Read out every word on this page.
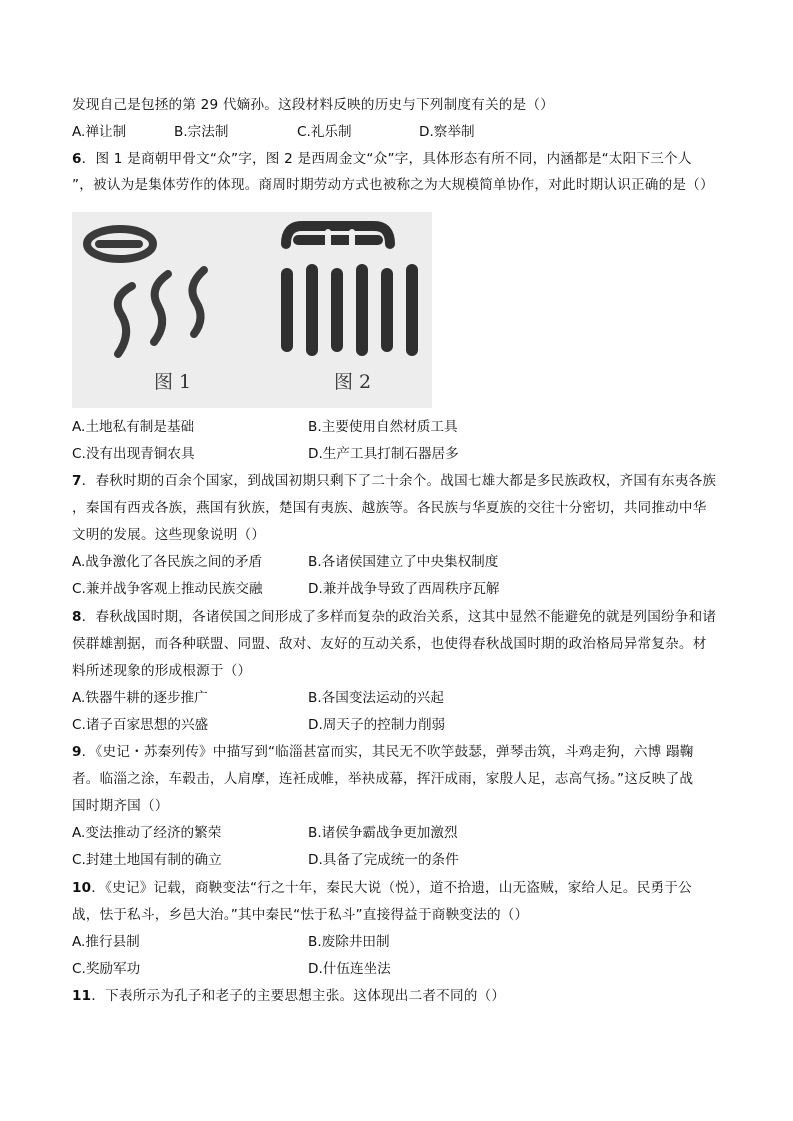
发现自己是包拯的第 29 代嫡孙。这段材料反映的历史与下列制度有关的是（）
A.禅让制	B.宗法制	C.礼乐制	D.察举制
6．图 1 是商朝甲骨文“众”字，图 2 是西周金文“众”字，具体形态有所不同，内涵都是“太阳下三个人
”，被认为是集体劳作的体现。商周时期劳动方式也被称之为大规模简单协作，对此时期认识正确的是（）
图 1	图 2
A.土地私有制是基础	B.主要使用自然材质工具
C.没有出现青铜农具	D.生产工具打制石器居多
7．春秋时期的百余个国家，到战国初期只剩下了二十余个。战国七雄大都是多民族政权，齐国有东夷各族
，秦国有西戎各族，燕国有狄族，楚国有夷族、越族等。各民族与华夏族的交往十分密切，共同推动中华
文明的发展。这些现象说明（）
A.战争激化了各民族之间的矛盾	B.各诸侯国建立了中央集权制度
C.兼并战争客观上推动民族交融	D.兼并战争导致了西周秩序瓦解
8．春秋战国时期，各诸侯国之间形成了多样而复杂的政治关系，这其中显然不能避免的就是列国纷争和诸
侯群雄割据，而各种联盟、同盟、敌对、友好的互动关系，也使得春秋战国时期的政治格局异常复杂。材
料所述现象的形成根源于（）
A.铁器牛耕的逐步推广	B.各国变法运动的兴起
C.诸子百家思想的兴盛	D.周天子的控制力削弱
9．《史记・苏秦列传》中描写到“临淄甚富而实，其民无不吹竽鼓瑟，弹琴击筑，斗鸡走狗，六博 蹋鞠
者。临淄之涂，车毂击，人肩摩，连衽成帷，举袂成幕，挥汗成雨，家殷人足，志高气扬。”这反映了战
国时期齐国（）
A.变法推动了经济的繁荣	B.诸侯争霸战争更加激烈
C.封建土地国有制的确立	D.具备了完成统一的条件
10．《史记》记载，商鞅变法“行之十年，秦民大说（悦），道不拾遗，山无盗贼，家给人足。民勇于公
战，怯于私斗，乡邑大治。”其中秦民“怯于私斗”直接得益于商鞅变法的（）
A.推行县制	B.废除井田制
C.奖励军功	D.什伍连坐法
11．下表所示为孔子和老子的主要思想主张。这体现出二者不同的（）
